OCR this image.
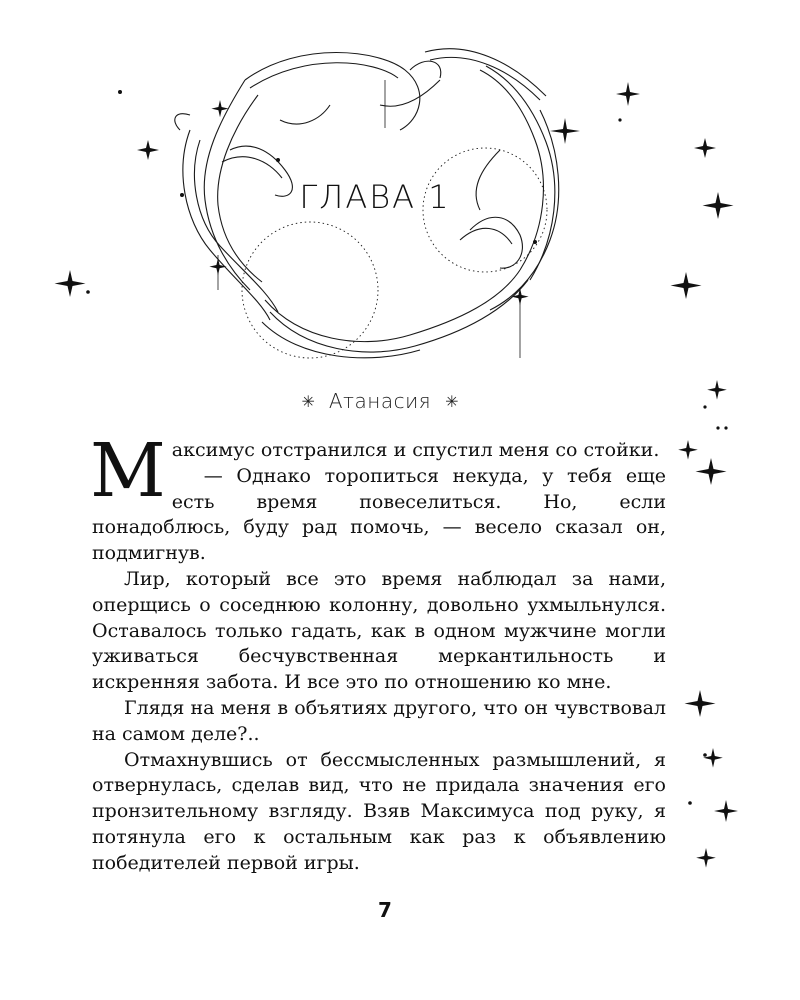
ГЛАВА 1
✳ Атанасия ✳

Максимус отстранился и спустил меня со стойки.

— Однако торопиться некуда, у тебя еще есть время повеселиться. Но, если понадоблюсь, буду рад помочь, — весело сказал он, подмигнув.

Лир, который все это время наблюдал за нами, оперщись о соседнюю колонну, довольно ухмыльнулся. Оставалось только гадать, как в одном мужчине могли уживаться бесчувственная меркантильность и искренняя забота. И все это по отношению ко мне.

Глядя на меня в объятиях другого, что он чувствовал на самом деле?..

Отмахнувшись от бессмысленных размышлений, я отвернулась, сделав вид, что не придала значения его пронзительному взгляду. Взяв Максимуса под руку, я потянула его к остальным как раз к объявлению победителей первой игры.

7
